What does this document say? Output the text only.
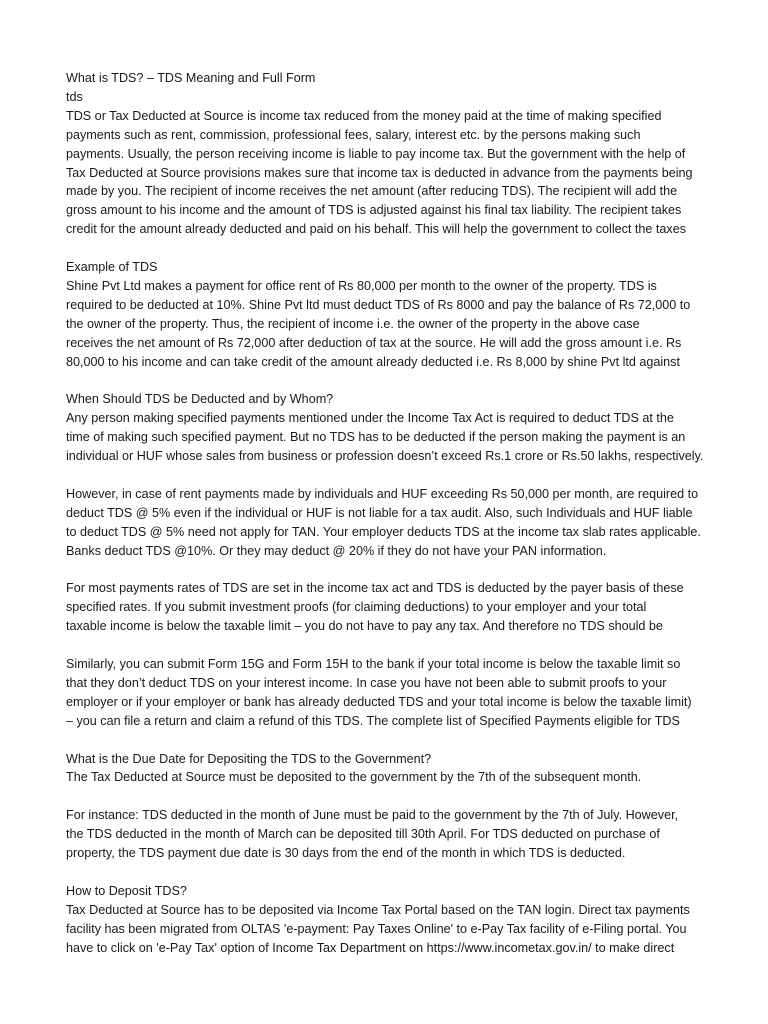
What is TDS? – TDS Meaning and Full Form
tds
TDS or Tax Deducted at Source is income tax reduced from the money paid at the time of making specified
payments such as rent, commission, professional fees, salary, interest etc. by the persons making such
payments. Usually, the person receiving income is liable to pay income tax. But the government with the help of
Tax Deducted at Source provisions makes sure that income tax is deducted in advance from the payments being
made by you. The recipient of income receives the net amount (after reducing TDS). The recipient will add the
gross amount to his income and the amount of TDS is adjusted against his final tax liability. The recipient takes
credit for the amount already deducted and paid on his behalf. This will help the government to collect the taxes
Example of TDS
Shine Pvt Ltd makes a payment for office rent of Rs 80,000 per month to the owner of the property. TDS is
required to be deducted at 10%. Shine Pvt ltd must deduct TDS of Rs 8000 and pay the balance of Rs 72,000 to
the owner of the property. Thus, the recipient of income i.e. the owner of the property in the above case
receives the net amount of Rs 72,000 after deduction of tax at the source. He will add the gross amount i.e. Rs
80,000 to his income and can take credit of the amount already deducted i.e. Rs 8,000 by shine Pvt ltd against
When Should TDS be Deducted and by Whom?
Any person making specified payments mentioned under the Income Tax Act is required to deduct TDS at the
time of making such specified payment. But no TDS has to be deducted if the person making the payment is an
individual or HUF whose sales from business or profession doesn’t exceed Rs.1 crore or Rs.50 lakhs, respectively.
However, in case of rent payments made by individuals and HUF exceeding Rs 50,000 per month, are required to
deduct TDS @ 5% even if the individual or HUF is not liable for a tax audit. Also, such Individuals and HUF liable
to deduct TDS @ 5% need not apply for TAN. Your employer deducts TDS at the income tax slab rates applicable.
Banks deduct TDS @10%. Or they may deduct @ 20% if they do not have your PAN information.
For most payments rates of TDS are set in the income tax act and TDS is deducted by the payer basis of these
specified rates. If you submit investment proofs (for claiming deductions) to your employer and your total
taxable income is below the taxable limit – you do not have to pay any tax. And therefore no TDS should be
Similarly, you can submit Form 15G and Form 15H to the bank if your total income is below the taxable limit so
that they don’t deduct TDS on your interest income. In case you have not been able to submit proofs to your
employer or if your employer or bank has already deducted TDS and your total income is below the taxable limit)
– you can file a return and claim a refund of this TDS. The complete list of Specified Payments eligible for TDS
What is the Due Date for Depositing the TDS to the Government?
The Tax Deducted at Source must be deposited to the government by the 7th of the subsequent month.
For instance: TDS deducted in the month of June must be paid to the government by the 7th of July. However,
the TDS deducted in the month of March can be deposited till 30th April. For TDS deducted on purchase of
property, the TDS payment due date is 30 days from the end of the month in which TDS is deducted.
How to Deposit TDS?
Tax Deducted at Source has to be deposited via Income Tax Portal based on the TAN login. Direct tax payments
facility has been migrated from OLTAS 'e-payment: Pay Taxes Online' to e-Pay Tax facility of e-Filing portal. You
have to click on 'e-Pay Tax' option of Income Tax Department on https://www.incometax.gov.in/ to make direct
